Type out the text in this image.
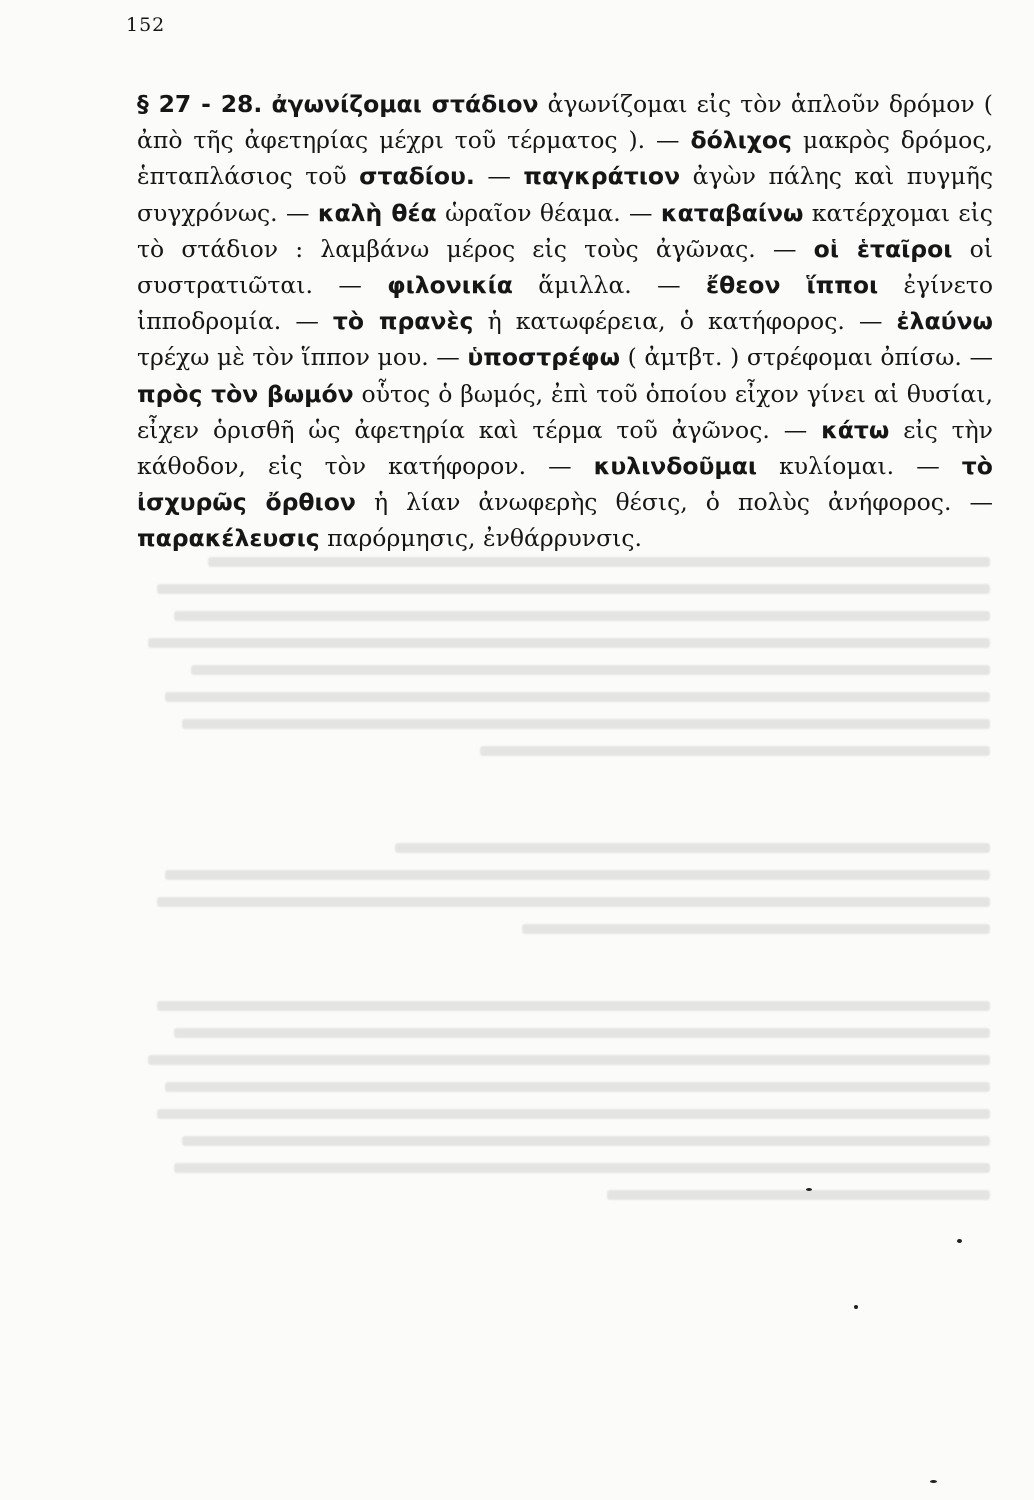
152

§ 27 - 28. ἀγωνίζομαι στάδιον ἀγωνίζομαι εἰς τὸν ἁπλοῦν δρόμον ( ἀπὸ τῆς ἀφετηρίας μέχρι τοῦ τέρματος ). — δόλιχος μακρὸς δρόμος, ἑπταπλάσιος τοῦ σταδίου. — παγκράτιον ἀγὼν πάλης καὶ πυγμῆς συγχρόνως. — καλὴ θέα ὡραῖον θέαμα. — καταβαίνω κατέρχομαι εἰς τὸ στάδιον : λαμβάνω μέρος εἰς τοὺς ἀγῶνας. — οἱ ἑταῖροι οἱ συστρατιῶται. — φιλονικία ἅμιλλα. — ἔθεον ἵπποι ἐγίνετο ἱπποδρομία. — τὸ πρανὲς ἡ κατωφέρεια, ὁ κατήφορος. — ἐλαύνω τρέχω μὲ τὸν ἵππον μου. — ὑποστρέφω ( ἀμτβτ. ) στρέφομαι ὀπίσω. — πρὸς τὸν βωμόν οὗτος ὁ βωμός, ἐπὶ τοῦ ὁποίου εἶχον γίνει αἱ θυσίαι, εἶχεν ὁρισθῆ ὡς ἀφετηρία καὶ τέρμα τοῦ ἀγῶνος. — κάτω εἰς τὴν κάθοδον, εἰς τὸν κατήφορον. — κυλινδοῦμαι κυλίομαι. — τὸ ἰσχυρῶς ὄρθιον ἡ λίαν ἀνωφερὴς θέσις, ὁ πολὺς ἀνήφορος. — παρακέλευσις παρόρμησις, ἐνθάρρυνσις.
